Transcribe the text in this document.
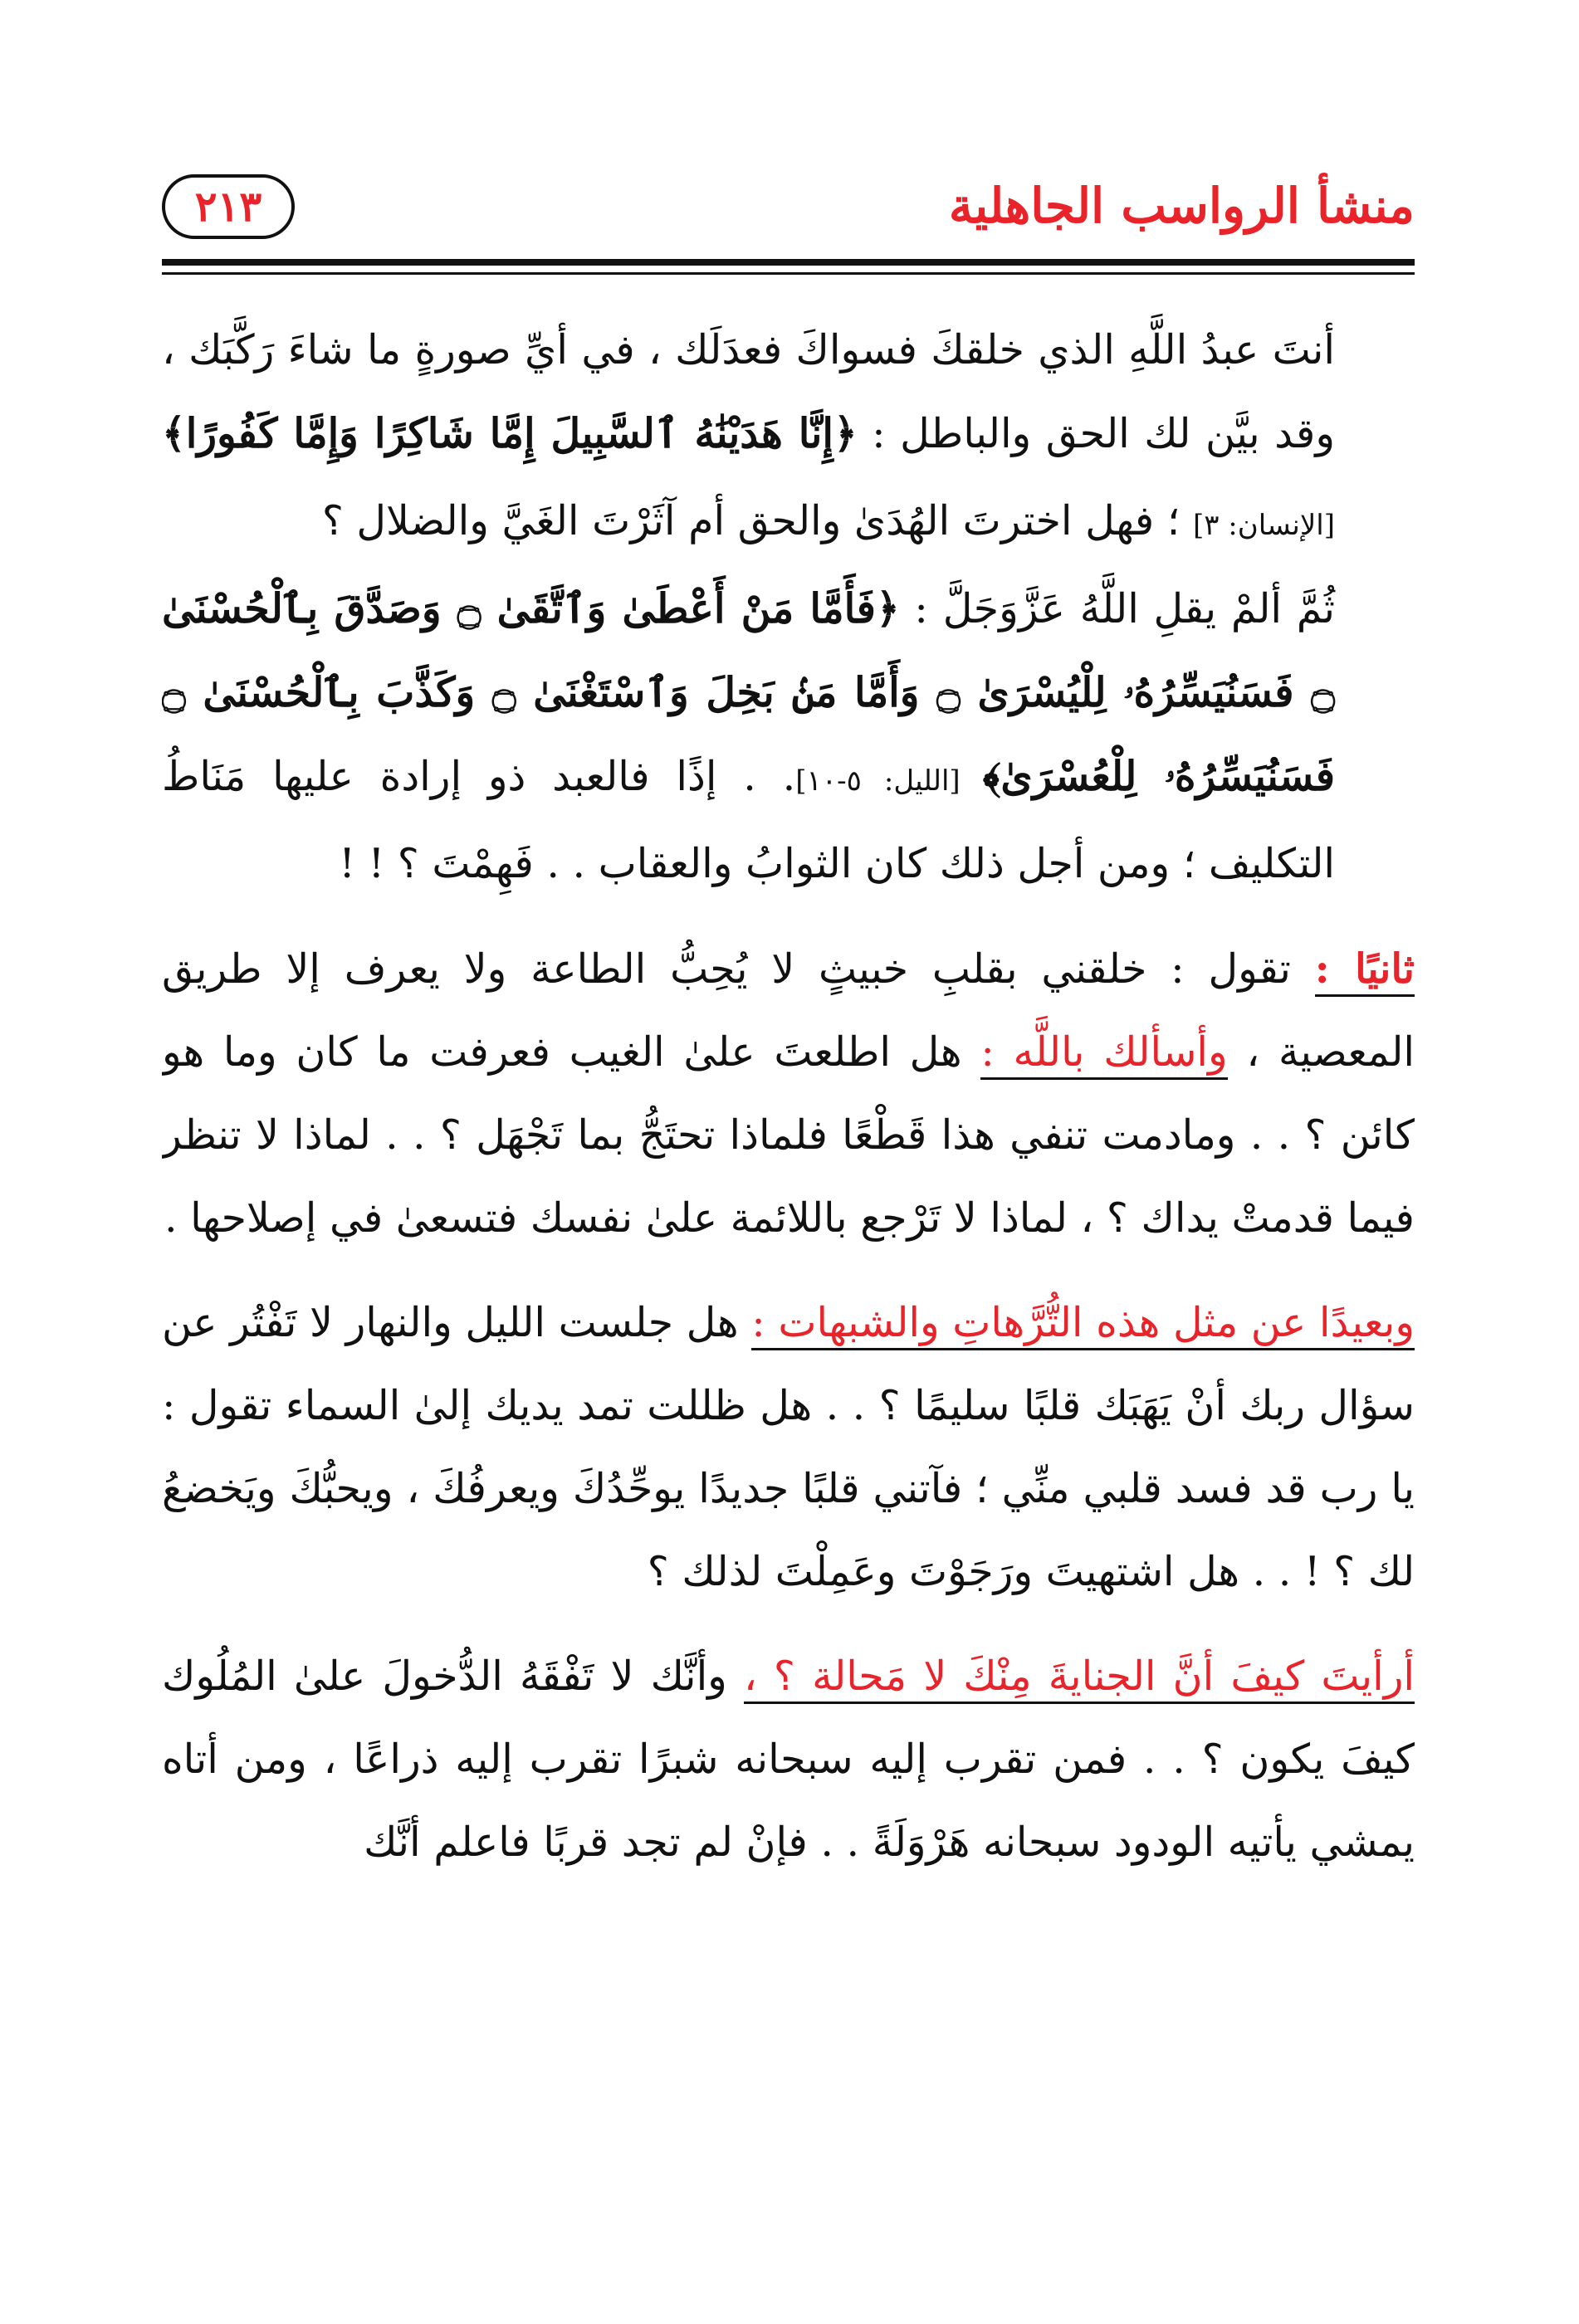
منشأ الرواسب الجاهلية
٢١٣

أنتَ عبدُ اللَّهِ الذي خلقكَ فسواكَ فعدَلَك ، في أيِّ صورةٍ ما شاءَ رَكَّبَك ، وقد بيَّن لك الحق والباطل : ﴿إِنَّا هَدَيْنَٰهُ ٱلسَّبِيلَ إِمَّا شَاكِرًا وَإِمَّا كَفُورًا﴾ [الإنسان: ٣] ؛ فهل اخترتَ الهُدَىٰ والحق أم آثَرْتَ الغَيَّ والضلال ؟

ثُمَّ ألمْ يقلِ اللَّهُ عَزَّوَجَلَّ : ﴿فَأَمَّا مَنْ أَعْطَىٰ وَٱتَّقَىٰ ۝ وَصَدَّقَ بِٱلْحُسْنَىٰ ۝ فَسَنُيَسِّرُهُۥ لِلْيُسْرَىٰ ۝ وَأَمَّا مَنۢ بَخِلَ وَٱسْتَغْنَىٰ ۝ وَكَذَّبَ بِٱلْحُسْنَىٰ ۝ فَسَنُيَسِّرُهُۥ لِلْعُسْرَىٰ﴾ [الليل: ٥-١٠]. . إذًا فالعبد ذو إرادة عليها مَنَاطُ التكليف ؛ ومن أجل ذلك كان الثوابُ والعقاب . . فَهِمْتَ ؟ ! !

ثانيًا : تقول : خلقني بقلبِ خبيثٍ لا يُحِبُّ الطاعة ولا يعرف إلا طريق المعصية ، وأسألك باللَّه : هل اطلعتَ علىٰ الغيب فعرفت ما كان وما هو كائن ؟ . . ومادمت تنفي هذا قَطْعًا فلماذا تحتَجُّ بما تَجْهَل ؟ . . لماذا لا تنظر فيما قدمتْ يداك ؟ ، لماذا لا تَرْجع باللائمة علىٰ نفسك فتسعىٰ في إصلاحها .

وبعيدًا عن مثل هذه التُّرَّهاتِ والشبهات : هل جلست الليل والنهار لا تَفْتُر عن سؤال ربك أنْ يَهَبَك قلبًا سليمًا ؟ . . هل ظللت تمد يديك إلىٰ السماء تقول : يا رب قد فسد قلبي منِّي ؛ فآتني قلبًا جديدًا يوحِّدُكَ ويعرفُكَ ، ويحبُّكَ ويَخضعُ لك ؟ ! . . هل اشتهيتَ ورَجَوْتَ وعَمِلْتَ لذلك ؟

أرأيتَ كيفَ أنَّ الجنايةَ مِنْكَ لا مَحالة ؟ ، وأنَّك لا تَفْقَهُ الدُّخولَ علىٰ المُلُوك كيفَ يكون ؟ . . فمن تقرب إليه سبحانه شبرًا تقرب إليه ذراعًا ، ومن أتاه يمشي يأتيه الودود سبحانه هَرْوَلَةً . . فإنْ لم تجد قربًا فاعلم أنَّك
